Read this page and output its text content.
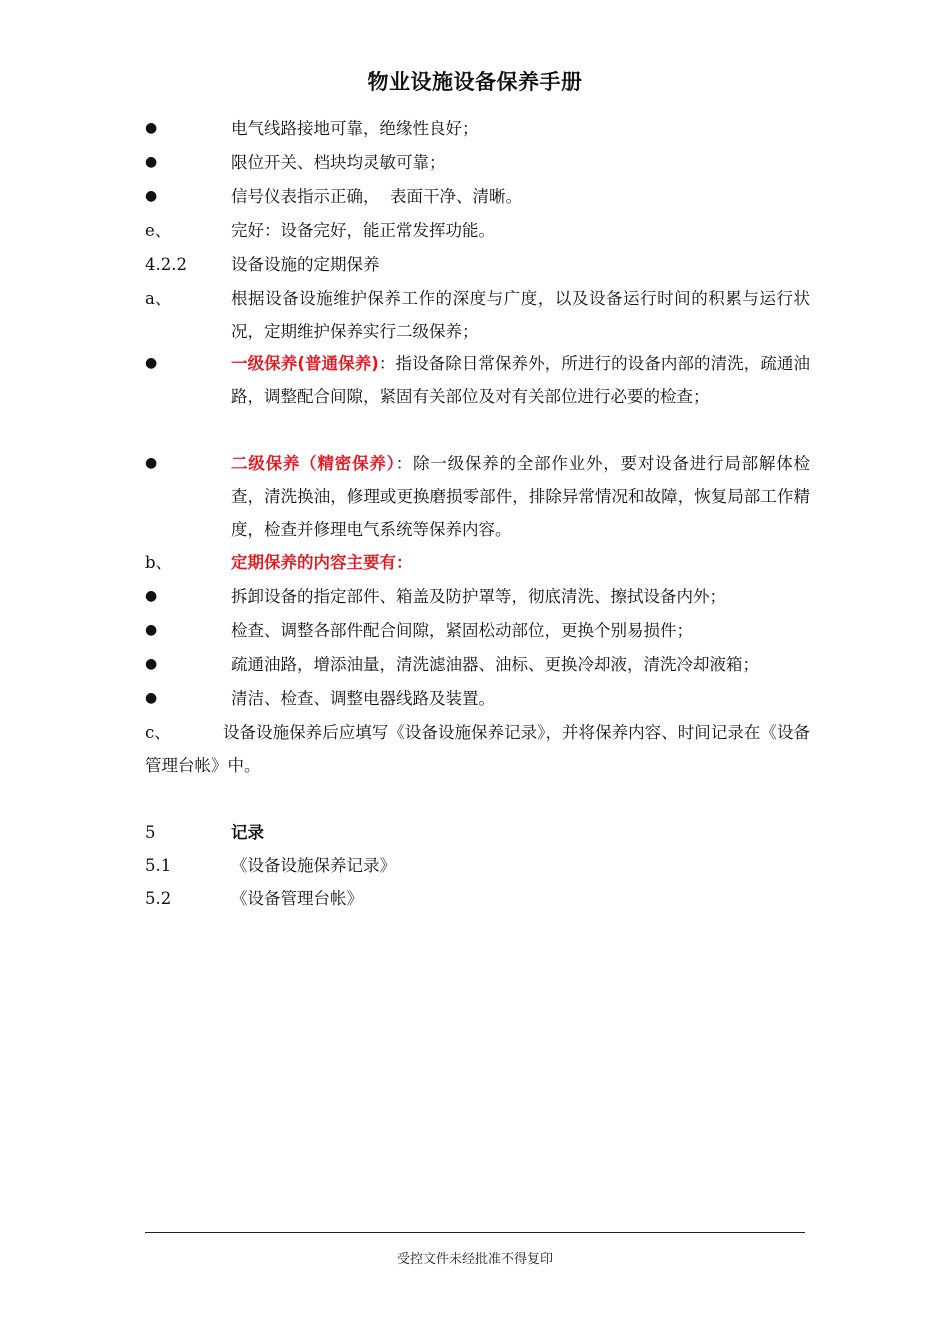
物业设施设备保养手册
●	电气线路接地可靠，绝缘性良好；
●	限位开关、档块均灵敏可靠；
●	信号仪表指示正确，  表面干净、清晰。
e、	完好：设备完好，能正常发挥功能。
4.2.2	设备设施的定期保养
a、	根据设备设施维护保养工作的深度与广度，以及设备运行时间的积累与运行状况，定期维护保养实行二级保养；
●	一级保养(普通保养)：指设备除日常保养外，所进行的设备内部的清洗，疏通油路，调整配合间隙，紧固有关部位及对有关部位进行必要的检查；
●	二级保养（精密保养）：除一级保养的全部作业外，要对设备进行局部解体检查，清洗换油，修理或更换磨损零部件，排除异常情况和故障，恢复局部工作精度，检查并修理电气系统等保养内容。
b、	定期保养的内容主要有：
●	拆卸设备的指定部件、箱盖及防护罩等，彻底清洗、擦拭设备内外；
●	检查、调整各部件配合间隙，紧固松动部位，更换个别易损件；
●	疏通油路，增添油量，清洗滤油器、油标、更换冷却液，清洗冷却液箱；
●	清洁、检查、调整电器线路及装置。
c、	设备设施保养后应填写《设备设施保养记录》，并将保养内容、时间记录在《设备管理台帐》中。
5	记录
5.1	《设备设施保养记录》
5.2	《设备管理台帐》
受控文件未经批准不得复印
